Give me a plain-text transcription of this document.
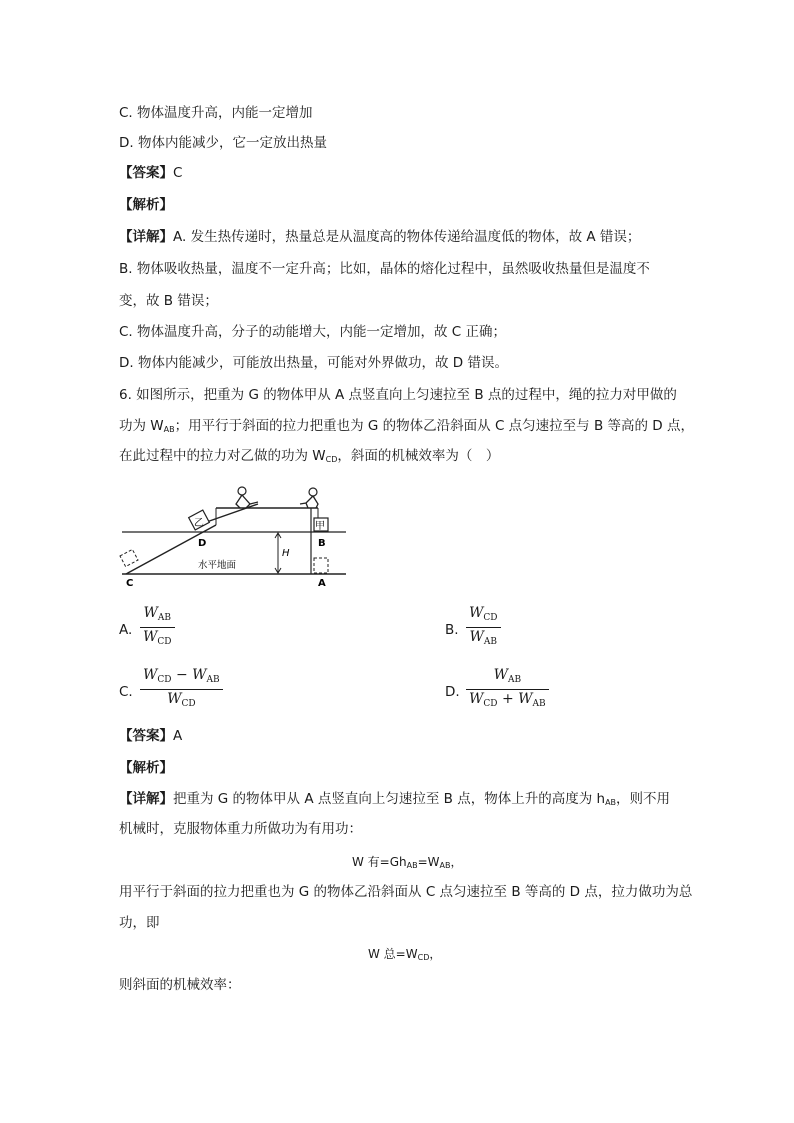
C. 物体温度升高，内能一定增加
D. 物体内能减少，它一定放出热量
【答案】C
【解析】
【详解】A. 发生热传递时，热量总是从温度高的物体传递给温度低的物体，故 A 错误；
B. 物体吸收热量，温度不一定升高；比如，晶体的熔化过程中，虽然吸收热量但是温度不
变，故 B 错误；
C. 物体温度升高，分子的动能增大，内能一定增加，故 C 正确；
D. 物体内能减少，可能放出热量，可能对外界做功，故 D 错误。
6. 如图所示，把重为 G 的物体甲从 A 点竖直向上匀速拉至 B 点的过程中，绳的拉力对甲做的
功为 $W_{AB}$；用平行于斜面的拉力把重也为 G 的物体乙沿斜面从 C 点匀速拉至与 B 等高的 D 点，
在此过程中的拉力对乙做的功为 $W_{CD}$，斜面的机械效率为（　）
乙	甲
H
D	B
C	A
水平地面
A.
$W_{AB}$
$W_{CD}$
B.
$W_{CD}$
$W_{AB}$
C.
$W_{CD} - W_{AB}$
$W_{CD}$
D.
$W_{AB}$
$W_{CD} + W_{AB}$
【答案】A
【解析】
【详解】把重为 G 的物体甲从 A 点竖直向上匀速拉至 B 点，物体上升的高度为 $h_{AB}$，则不用
机械时，克服物体重力所做功为有用功：
W 有$=Gh_{AB}=W_{AB}$，
用平行于斜面的拉力把重也为 G 的物体乙沿斜面从 C 点匀速拉至 B 等高的 D 点，拉力做功为总
功，即
W 总$=W_{CD}$，
则斜面的机械效率：
